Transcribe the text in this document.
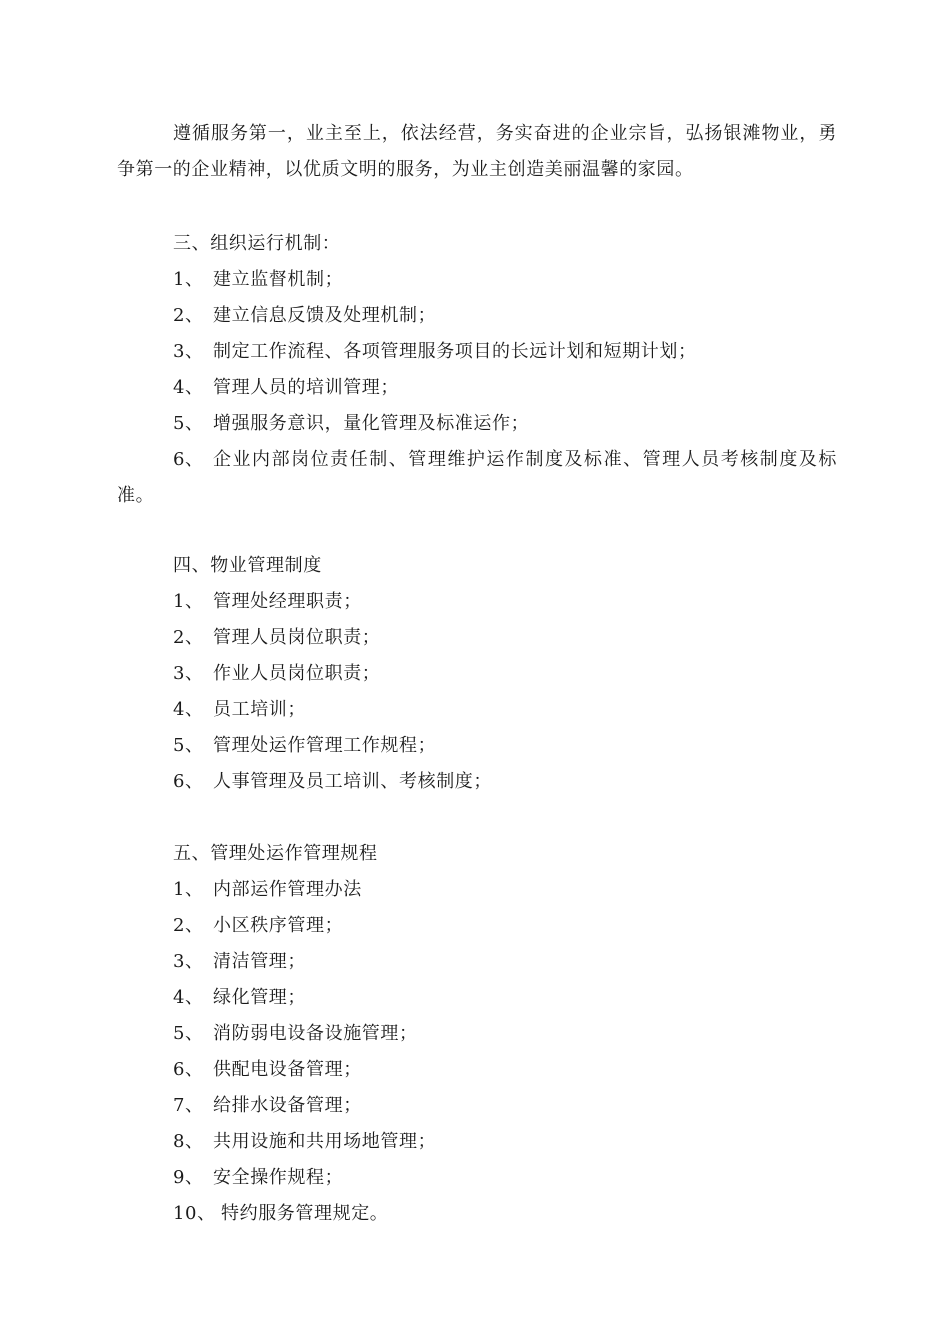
遵循服务第一，业主至上，依法经营，务实奋进的企业宗旨，弘扬银滩物业，勇争第一的企业精神，以优质文明的服务，为业主创造美丽温馨的家园。

三、组织运行机制：
1、 建立监督机制；
2、 建立信息反馈及处理机制；
3、 制定工作流程、各项管理服务项目的长远计划和短期计划；
4、 管理人员的培训管理；
5、 增强服务意识，量化管理及标准运作；
6、 企业内部岗位责任制、管理维护运作制度及标准、管理人员考核制度及标准。
四、物业管理制度
1、 管理处经理职责；
2、 管理人员岗位职责；
3、 作业人员岗位职责；
4、 员工培训；
5、 管理处运作管理工作规程；
6、 人事管理及员工培训、考核制度；
五、管理处运作管理规程
1、 内部运作管理办法
2、 小区秩序管理；
3、 清洁管理；
4、 绿化管理；
5、 消防弱电设备设施管理；
6、 供配电设备管理；
7、 给排水设备管理；
8、 共用设施和共用场地管理；
9、 安全操作规程；
10、 特约服务管理规定。
